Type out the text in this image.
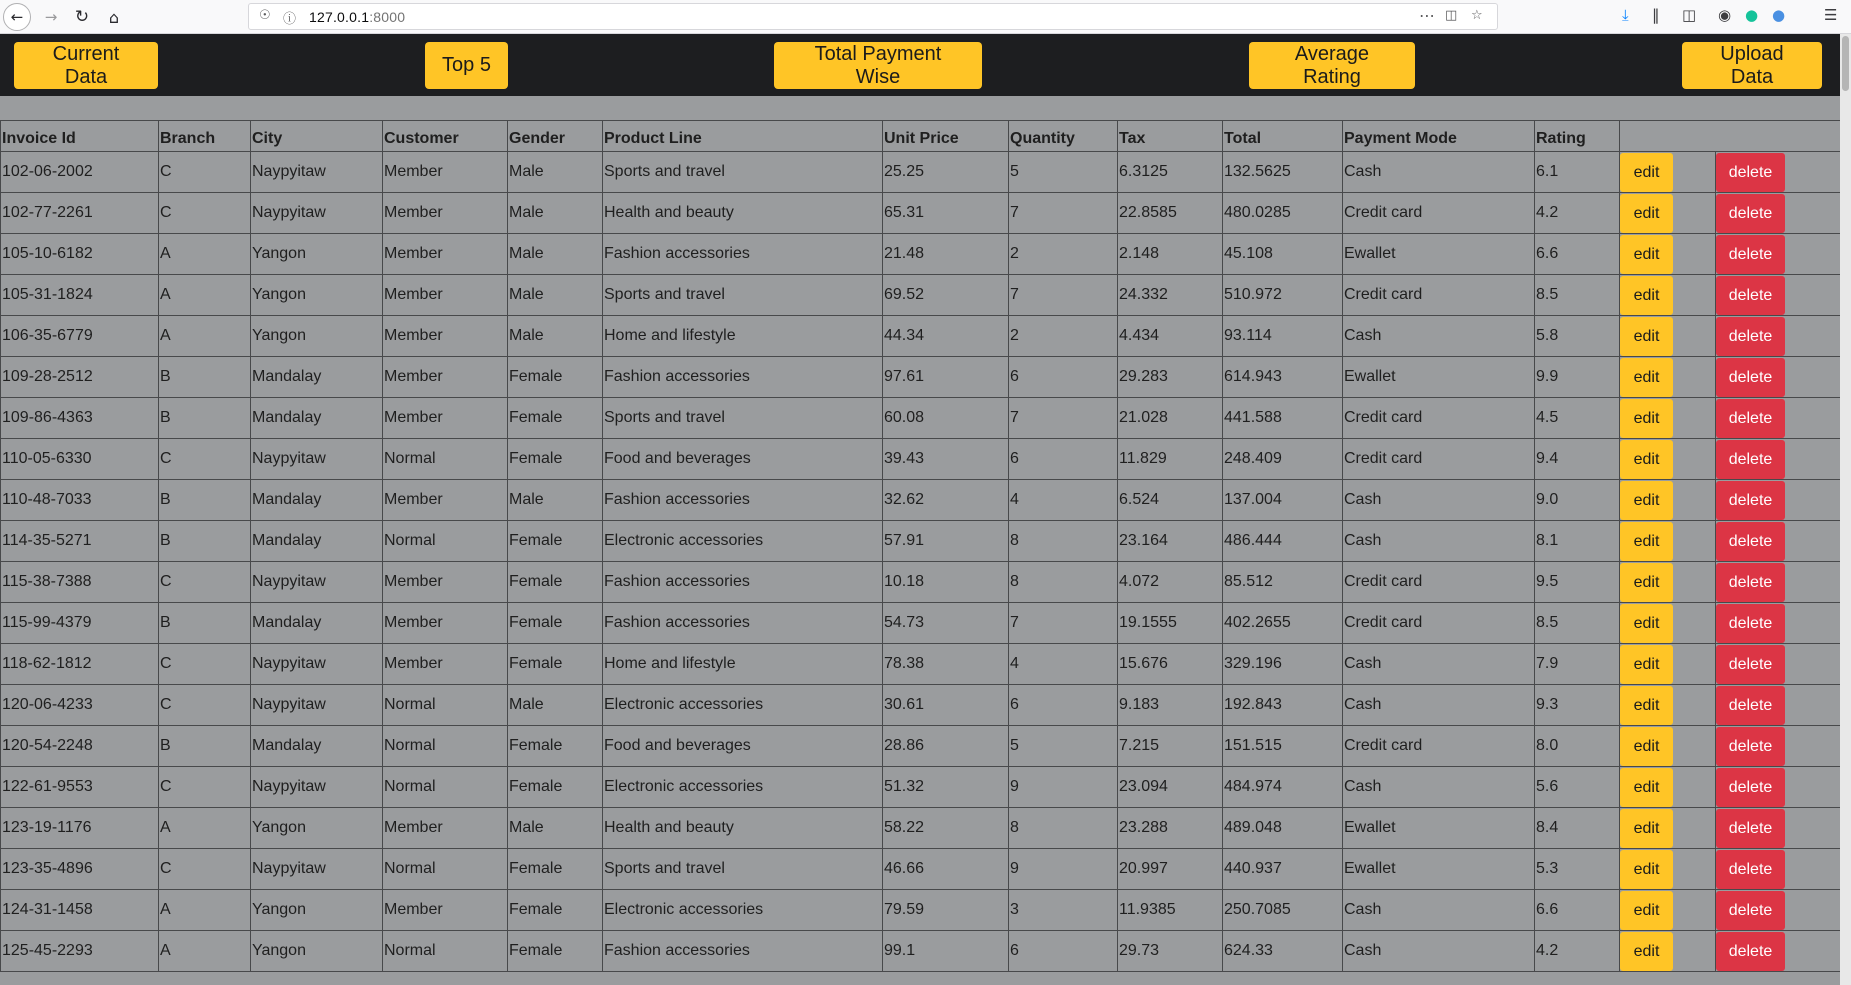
←	→	↻	⌂	☉ ⓘ 127.0.0.1:8000	⋯ ◫ ☆	⤓ ‖ ◫ ◉ ● ●	☰
Current Data
Top 5
Total Payment Wise
Average Rating
Upload Data
Invoice Id	Branch	City	Customer	Gender	Product Line	Unit Price	Quantity	Tax	Total	Payment Mode	Rating		
102-06-2002	C	Naypyitaw	Member	Male	Sports and travel	25.25	5	6.3125	132.5625	Cash	6.1	edit	delete
102-77-2261	C	Naypyitaw	Member	Male	Health and beauty	65.31	7	22.8585	480.0285	Credit card	4.2	edit	delete
105-10-6182	A	Yangon	Member	Male	Fashion accessories	21.48	2	2.148	45.108	Ewallet	6.6	edit	delete
105-31-1824	A	Yangon	Member	Male	Sports and travel	69.52	7	24.332	510.972	Credit card	8.5	edit	delete
106-35-6779	A	Yangon	Member	Male	Home and lifestyle	44.34	2	4.434	93.114	Cash	5.8	edit	delete
109-28-2512	B	Mandalay	Member	Female	Fashion accessories	97.61	6	29.283	614.943	Ewallet	9.9	edit	delete
109-86-4363	B	Mandalay	Member	Female	Sports and travel	60.08	7	21.028	441.588	Credit card	4.5	edit	delete
110-05-6330	C	Naypyitaw	Normal	Female	Food and beverages	39.43	6	11.829	248.409	Credit card	9.4	edit	delete
110-48-7033	B	Mandalay	Member	Male	Fashion accessories	32.62	4	6.524	137.004	Cash	9.0	edit	delete
114-35-5271	B	Mandalay	Normal	Female	Electronic accessories	57.91	8	23.164	486.444	Cash	8.1	edit	delete
115-38-7388	C	Naypyitaw	Member	Female	Fashion accessories	10.18	8	4.072	85.512	Credit card	9.5	edit	delete
115-99-4379	B	Mandalay	Member	Female	Fashion accessories	54.73	7	19.1555	402.2655	Credit card	8.5	edit	delete
118-62-1812	C	Naypyitaw	Member	Female	Home and lifestyle	78.38	4	15.676	329.196	Cash	7.9	edit	delete
120-06-4233	C	Naypyitaw	Normal	Male	Electronic accessories	30.61	6	9.183	192.843	Cash	9.3	edit	delete
120-54-2248	B	Mandalay	Normal	Female	Food and beverages	28.86	5	7.215	151.515	Credit card	8.0	edit	delete
122-61-9553	C	Naypyitaw	Normal	Female	Electronic accessories	51.32	9	23.094	484.974	Cash	5.6	edit	delete
123-19-1176	A	Yangon	Member	Male	Health and beauty	58.22	8	23.288	489.048	Ewallet	8.4	edit	delete
123-35-4896	C	Naypyitaw	Normal	Female	Sports and travel	46.66	9	20.997	440.937	Ewallet	5.3	edit	delete
124-31-1458	A	Yangon	Member	Female	Electronic accessories	79.59	3	11.9385	250.7085	Cash	6.6	edit	delete
125-45-2293	A	Yangon	Normal	Female	Fashion accessories	99.1	6	29.73	624.33	Cash	4.2	edit	delete
